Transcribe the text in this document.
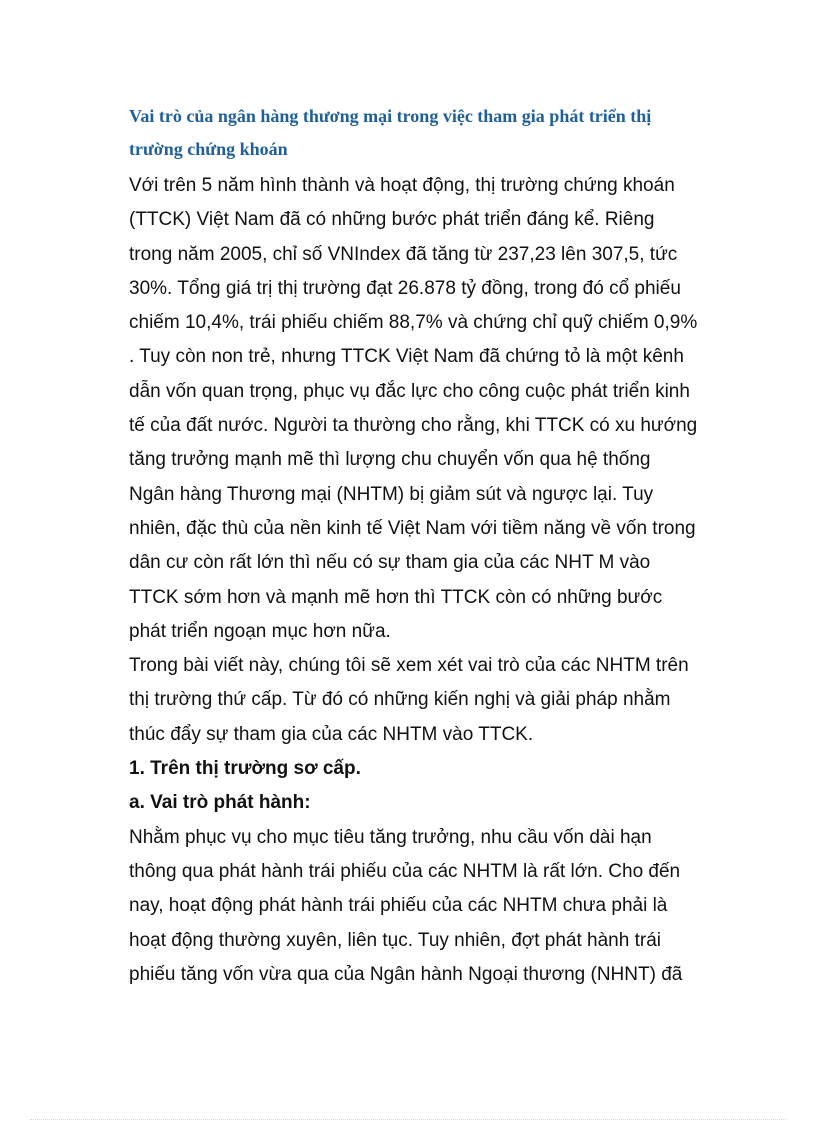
Vai trò của ngân hàng thương mại trong việc tham gia phát triển thị trường chứng khoán

Với trên 5 năm hình thành và hoạt động, thị trường chứng khoán (TTCK) Việt Nam đã có những bước phát triển đáng kể. Riêng trong năm 2005, chỉ số VNIndex đã tăng từ 237,23 lên 307,5, tức 30%. Tổng giá trị thị trường đạt 26.878 tỷ đồng, trong đó cổ phiếu chiếm 10,4%, trái phiếu chiếm 88,7% và chứng chỉ quỹ chiếm 0,9% . Tuy còn non trẻ, nhưng TTCK Việt Nam đã chứng tỏ là một kênh dẫn vốn quan trọng, phục vụ đắc lực cho công cuộc phát triển kinh tế của đất nước. Người ta thường cho rằng, khi TTCK có xu hướng tăng trưởng mạnh mẽ thì lượng chu chuyển vốn qua hệ thống Ngân hàng Thương mại (NHTM) bị giảm sút và ngược lại. Tuy nhiên, đặc thù của nền kinh tế Việt Nam với tiềm năng về vốn trong dân cư còn rất lớn thì nếu có sự tham gia của các NHT M vào TTCK sớm hơn và mạnh mẽ hơn thì TTCK còn có những bước phát triển ngoạn mục hơn nữa.

Trong bài viết này, chúng tôi sẽ xem xét vai trò của các NHTM trên thị trường thứ cấp. Từ đó có những kiến nghị và giải pháp nhằm thúc đẩy sự tham gia của các NHTM vào TTCK.

1. Trên thị trường sơ cấp.
a. Vai trò phát hành:

Nhằm phục vụ cho mục tiêu tăng trưởng, nhu cầu vốn dài hạn thông qua phát hành trái phiếu của các NHTM là rất lớn. Cho đến nay, hoạt động phát hành trái phiếu của các NHTM chưa phải là hoạt động thường xuyên, liên tục. Tuy nhiên, đợt phát hành trái phiếu tăng vốn vừa qua của Ngân hành Ngoại thương (NHNT) đã
